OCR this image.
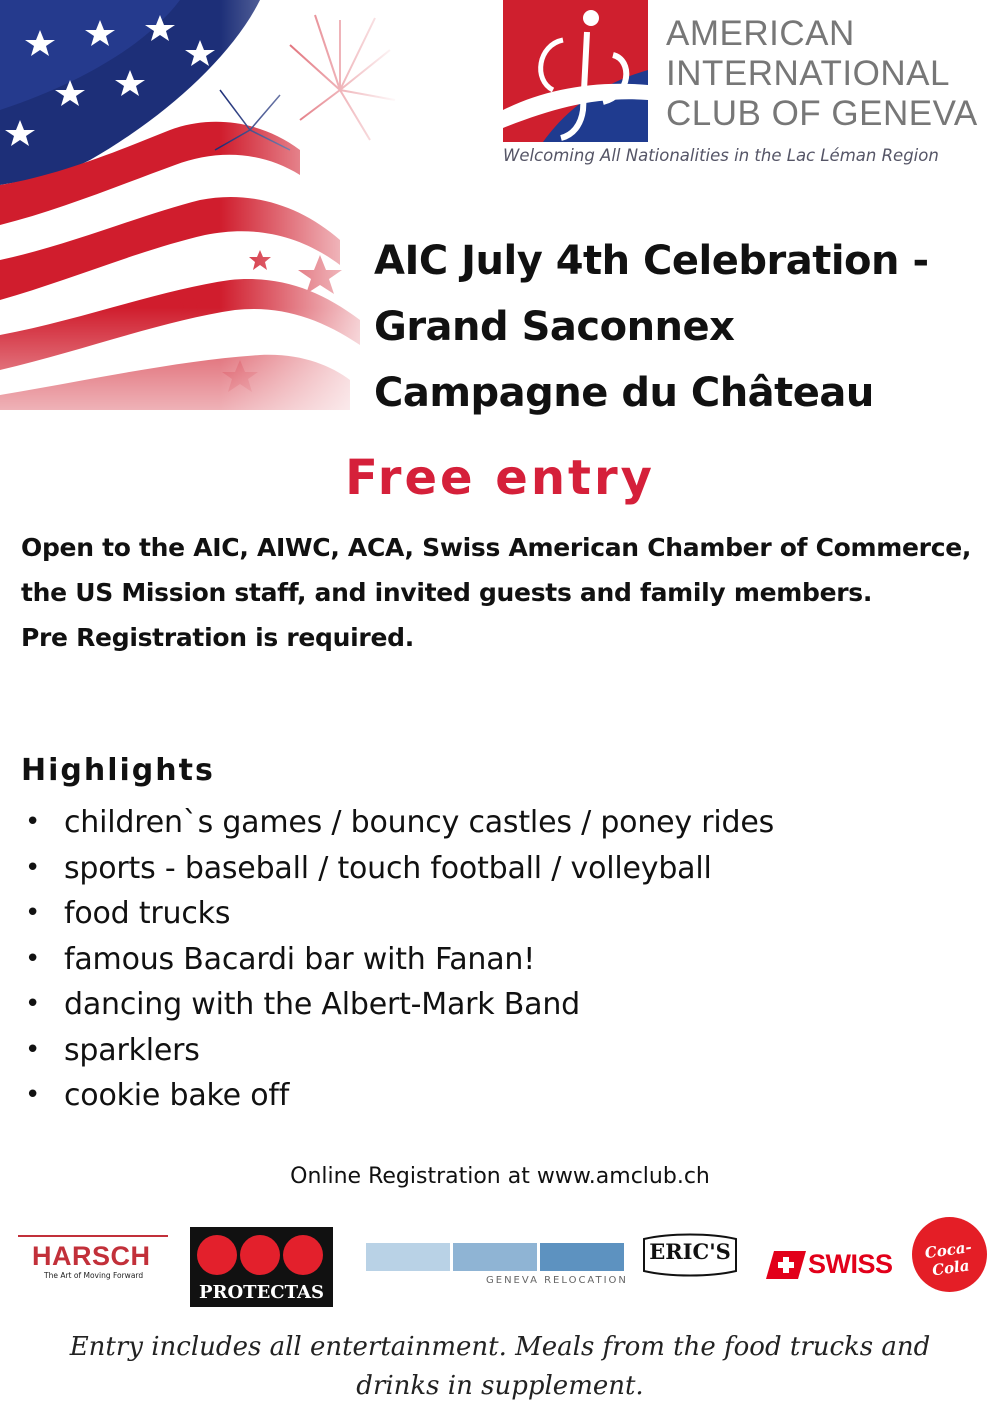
AMERICAN
INTERNATIONAL
CLUB OF GENEVA
Welcoming All Nationalities in the Lac Léman Region
AIC July 4th Celebration -
Grand Saconnex
Campagne du Château
Free entry
Open to the AIC, AIWC, ACA, Swiss American Chamber of Commerce, the US Mission staff, and invited guests and family members.
Pre Registration is required.
Highlights
• children`s games / bouncy castles / poney rides
• sports - baseball / touch football / volleyball
• food trucks
• famous Bacardi bar with Fanan!
• dancing with the Albert-Mark Band
• sparklers
• cookie bake off
Online Registration at www.amclub.ch
HARSCH
The Art of Moving Forward
PROTECTAS
GENEVA RELOCATION
ERIC'S	SWISS	Coca-Cola
Entry includes all entertainment. Meals from the food trucks and
drinks in supplement.
